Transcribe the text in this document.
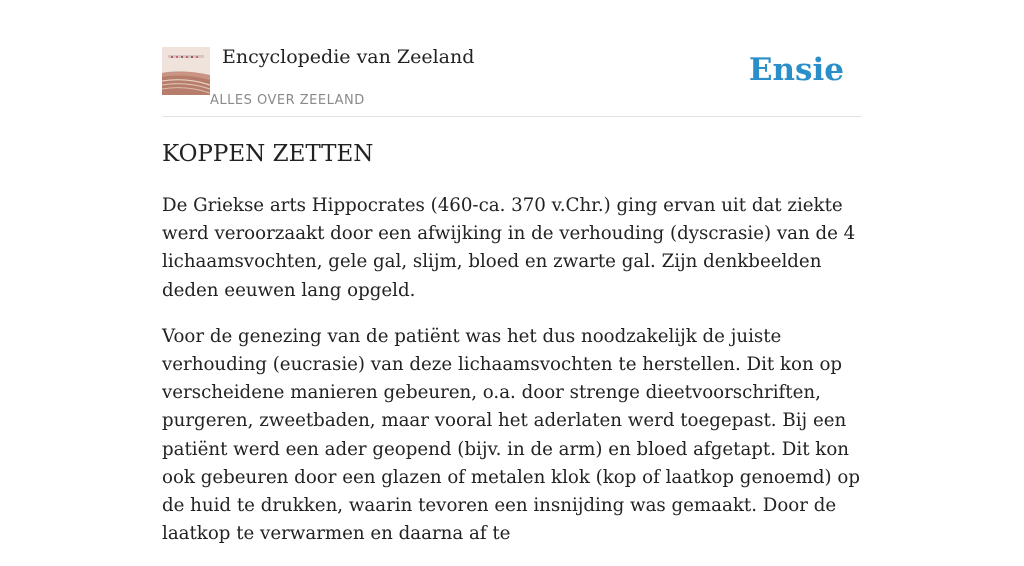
Encyclopedie van Zeeland
ALLES OVER ZEELAND
Ensie
KOPPEN ZETTEN

De Griekse arts Hippocrates (460-ca. 370 v.Chr.) ging ervan uit dat ziekte werd veroorzaakt door een afwijking in de verhouding (dyscrasie) van de 4 lichaamsvochten, gele gal, slijm, bloed en zwarte gal. Zijn denkbeelden deden eeuwen lang opgeld.

Voor de genezing van de patiënt was het dus noodzakelijk de juiste verhouding (eucrasie) van deze lichaamsvochten te herstellen. Dit kon op verscheidene manieren gebeuren, o.a. door strenge dieetvoorschriften, purgeren, zweetbaden, maar vooral het aderlaten werd toegepast. Bij een patiënt werd een ader geopend (bijv. in de arm) en bloed afgetapt. Dit kon ook gebeuren door een glazen of metalen klok (kop of laatkop genoemd) op de huid te drukken, waarin tevoren een insnijding was gemaakt. Door de laatkop te verwarmen en daarna af te
